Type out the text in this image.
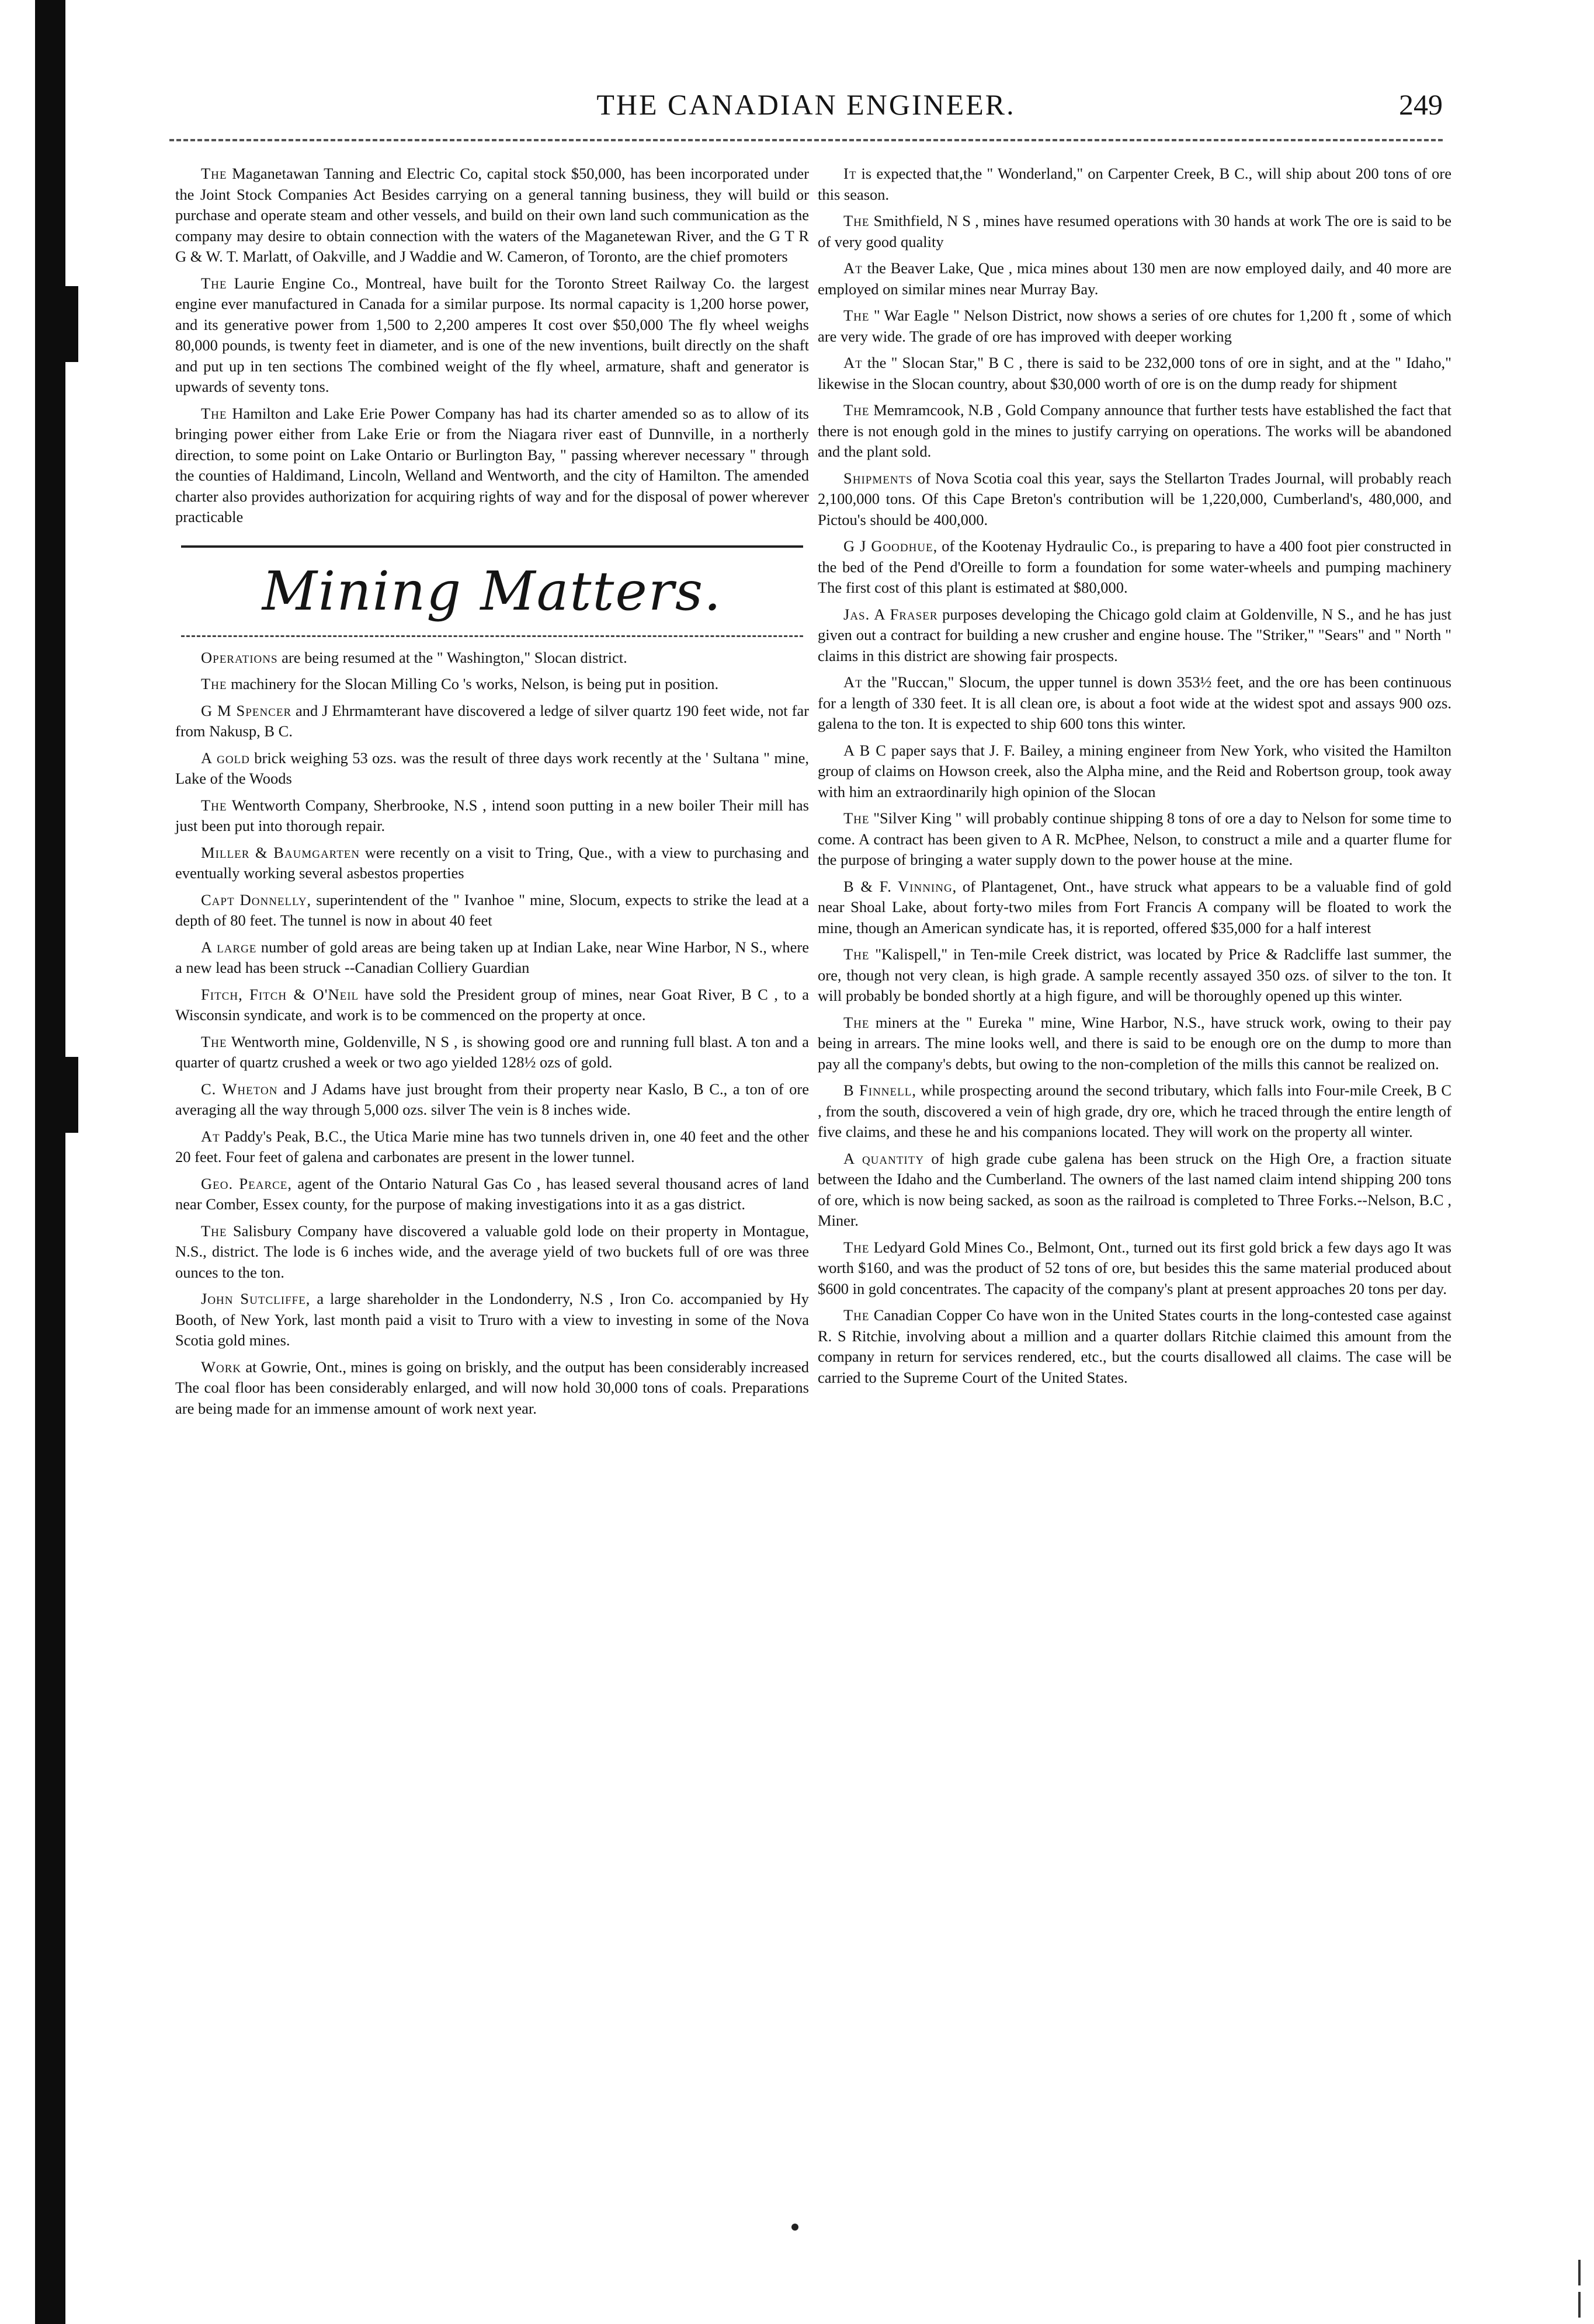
THE CANADIAN ENGINEER.	249

The Maganetawan Tanning and Electric Co, capital stock $50,000, has been incorporated under the Joint Stock Companies Act Besides carrying on a general tanning business, they will build or purchase and operate steam and other vessels, and build on their own land such communication as the company may desire to obtain connection with the waters of the Maganetewan River, and the G T R G & W. T. Marlatt, of Oakville, and J Waddie and W. Cameron, of Toronto, are the chief promoters

The Laurie Engine Co., Montreal, have built for the Toronto Street Railway Co. the largest engine ever manufactured in Canada for a similar purpose. Its normal capacity is 1,200 horse power, and its generative power from 1,500 to 2,200 amperes It cost over $50,000 The fly wheel weighs 80,000 pounds, is twenty feet in diameter, and is one of the new inventions, built directly on the shaft and put up in ten sections The combined weight of the fly wheel, armature, shaft and generator is upwards of seventy tons.

The Hamilton and Lake Erie Power Company has had its charter amended so as to allow of its bringing power either from Lake Erie or from the Niagara river east of Dunnville, in a northerly direction, to some point on Lake Ontario or Burlington Bay, " passing wherever necessary " through the counties of Haldimand, Lincoln, Welland and Wentworth, and the city of Hamilton. The amended charter also provides authorization for acquiring rights of way and for the disposal of power wherever practicable

Mining Matters.

Operations are being resumed at the " Washington," Slocan district.

The machinery for the Slocan Milling Co 's works, Nelson, is being put in position.

G M Spencer and J Ehrmamterant have discovered a ledge of silver quartz 190 feet wide, not far from Nakusp, B C.

A gold brick weighing 53 ozs. was the result of three days work recently at the ' Sultana " mine, Lake of the Woods

The Wentworth Company, Sherbrooke, N.S , intend soon putting in a new boiler Their mill has just been put into thorough repair.

Miller & Baumgarten were recently on a visit to Tring, Que., with a view to purchasing and eventually working several asbestos properties

Capt Donnelly, superintendent of the " Ivanhoe " mine, Slocum, expects to strike the lead at a depth of 80 feet. The tunnel is now in about 40 feet

A large number of gold areas are being taken up at Indian Lake, near Wine Harbor, N S., where a new lead has been struck --Canadian Colliery Guardian

Fitch, Fitch & O'Neil have sold the President group of mines, near Goat River, B C , to a Wisconsin syndicate, and work is to be commenced on the property at once.

The Wentworth mine, Goldenville, N S , is showing good ore and running full blast. A ton and a quarter of quartz crushed a week or two ago yielded 128½ ozs of gold.

C. Wheton and J Adams have just brought from their property near Kaslo, B C., a ton of ore averaging all the way through 5,000 ozs. silver The vein is 8 inches wide.

At Paddy's Peak, B.C., the Utica Marie mine has two tunnels driven in, one 40 feet and the other 20 feet. Four feet of galena and carbonates are present in the lower tunnel.

Geo. Pearce, agent of the Ontario Natural Gas Co , has leased several thousand acres of land near Comber, Essex county, for the purpose of making investigations into it as a gas district.

The Salisbury Company have discovered a valuable gold lode on their property in Montague, N.S., district. The lode is 6 inches wide, and the average yield of two buckets full of ore was three ounces to the ton.

John Sutcliffe, a large shareholder in the Londonderry, N.S , Iron Co. accompanied by Hy Booth, of New York, last month paid a visit to Truro with a view to investing in some of the Nova Scotia gold mines.

Work at Gowrie, Ont., mines is going on briskly, and the output has been considerably increased The coal floor has been considerably enlarged, and will now hold 30,000 tons of coals. Preparations are being made for an immense amount of work next year.

It is expected that,the " Wonderland," on Carpenter Creek, B C., will ship about 200 tons of ore this season.

The Smithfield, N S , mines have resumed operations with 30 hands at work The ore is said to be of very good quality

At the Beaver Lake, Que , mica mines about 130 men are now employed daily, and 40 more are employed on similar mines near Murray Bay.

The " War Eagle " Nelson District, now shows a series of ore chutes for 1,200 ft , some of which are very wide. The grade of ore has improved with deeper working

At the " Slocan Star," B C , there is said to be 232,000 tons of ore in sight, and at the " Idaho," likewise in the Slocan country, about $30,000 worth of ore is on the dump ready for shipment

The Memramcook, N.B , Gold Company announce that further tests have established the fact that there is not enough gold in the mines to justify carrying on operations. The works will be abandoned and the plant sold.

Shipments of Nova Scotia coal this year, says the Stellarton Trades Journal, will probably reach 2,100,000 tons. Of this Cape Breton's contribution will be 1,220,000, Cumberland's, 480,000, and Pictou's should be 400,000.

G J Goodhue, of the Kootenay Hydraulic Co., is preparing to have a 400 foot pier constructed in the bed of the Pend d'Oreille to form a foundation for some water-wheels and pumping machinery The first cost of this plant is estimated at $80,000.

Jas. A Fraser purposes developing the Chicago gold claim at Goldenville, N S., and he has just given out a contract for building a new crusher and engine house. The "Striker," "Sears" and " North " claims in this district are showing fair prospects.

At the "Ruccan," Slocum, the upper tunnel is down 353½ feet, and the ore has been continuous for a length of 330 feet. It is all clean ore, is about a foot wide at the widest spot and assays 900 ozs. galena to the ton. It is expected to ship 600 tons this winter.

A B C paper says that J. F. Bailey, a mining engineer from New York, who visited the Hamilton group of claims on Howson creek, also the Alpha mine, and the Reid and Robertson group, took away with him an extraordinarily high opinion of the Slocan

The "Silver King " will probably continue shipping 8 tons of ore a day to Nelson for some time to come. A contract has been given to A R. McPhee, Nelson, to construct a mile and a quarter flume for the purpose of bringing a water supply down to the power house at the mine.

B & F. Vinning, of Plantagenet, Ont., have struck what appears to be a valuable find of gold near Shoal Lake, about forty-two miles from Fort Francis A company will be floated to work the mine, though an American syndicate has, it is reported, offered $35,000 for a half interest

The "Kalispell," in Ten-mile Creek district, was located by Price & Radcliffe last summer, the ore, though not very clean, is high grade. A sample recently assayed 350 ozs. of silver to the ton. It will probably be bonded shortly at a high figure, and will be thoroughly opened up this winter.

The miners at the " Eureka " mine, Wine Harbor, N.S., have struck work, owing to their pay being in arrears. The mine looks well, and there is said to be enough ore on the dump to more than pay all the company's debts, but owing to the non-completion of the mills this cannot be realized on.

B Finnell, while prospecting around the second tributary, which falls into Four-mile Creek, B C , from the south, discovered a vein of high grade, dry ore, which he traced through the entire length of five claims, and these he and his companions located. They will work on the property all winter.

A quantity of high grade cube galena has been struck on the High Ore, a fraction situate between the Idaho and the Cumberland. The owners of the last named claim intend shipping 200 tons of ore, which is now being sacked, as soon as the railroad is completed to Three Forks.--Nelson, B.C , Miner.

The Ledyard Gold Mines Co., Belmont, Ont., turned out its first gold brick a few days ago It was worth $160, and was the product of 52 tons of ore, but besides this the same material produced about $600 in gold concentrates. The capacity of the company's plant at present approaches 20 tons per day.

The Canadian Copper Co have won in the United States courts in the long-contested case against R. S Ritchie, involving about a million and a quarter dollars Ritchie claimed this amount from the company in return for services rendered, etc., but the courts disallowed all claims. The case will be carried to the Supreme Court of the United States.
